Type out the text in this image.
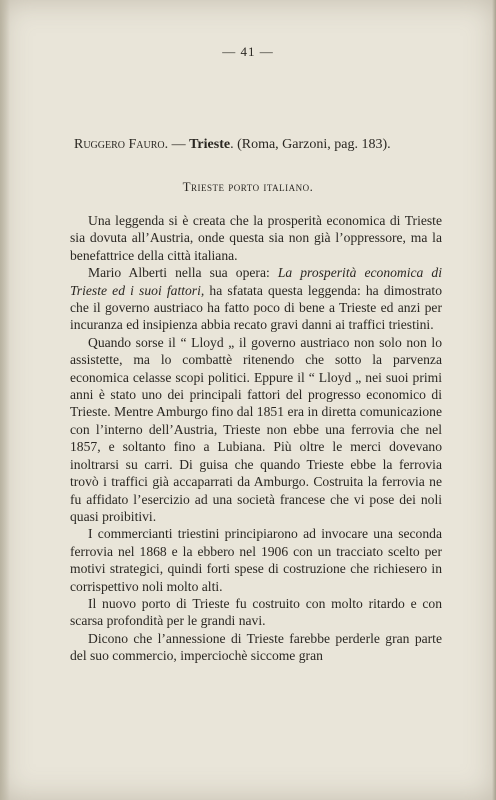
— 41 —
Ruggero Fauro. — Trieste. (Roma, Garzoni, pag. 183).
Trieste porto italiano.

Una leggenda si è creata che la prosperità economica di Trieste sia dovuta all’Austria, onde questa sia non già l’oppressore, ma la benefattrice della città italiana.

Mario Alberti nella sua opera: La prosperità economica di Trieste ed i suoi fattori, ha sfatata questa leggenda: ha dimostrato che il governo austriaco ha fatto poco di bene a Trieste ed anzi per incuranza ed insipienza abbia recato gravi danni ai traffici triestini.

Quando sorse il “ Lloyd „ il governo austriaco non solo non lo assistette, ma lo combattè ritenendo che sotto la parvenza economica celasse scopi politici. Eppure il “ Lloyd „ nei suoi primi anni è stato uno dei principali fattori del progresso economico di Trieste. Mentre Amburgo fino dal 1851 era in diretta comunicazione con l’interno dell’Austria, Trieste non ebbe una ferrovia che nel 1857, e soltanto fino a Lubiana. Più oltre le merci dovevano inoltrarsi su carri. Di guisa che quando Trieste ebbe la ferrovia trovò i traffici già accaparrati da Amburgo. Costruita la ferrovia ne fu affidato l’esercizio ad una società francese che vi pose dei noli quasi proibitivi.

I commercianti triestini principiarono ad invocare una seconda ferrovia nel 1868 e la ebbero nel 1906 con un tracciato scelto per motivi strategici, quindi forti spese di costruzione che richiesero in corrispettivo noli molto alti.

Il nuovo porto di Trieste fu costruito con molto ritardo e con scarsa profondità per le grandi navi.

Dicono che l’annessione di Trieste farebbe perderle gran parte del suo commercio, imperciochè siccome gran
